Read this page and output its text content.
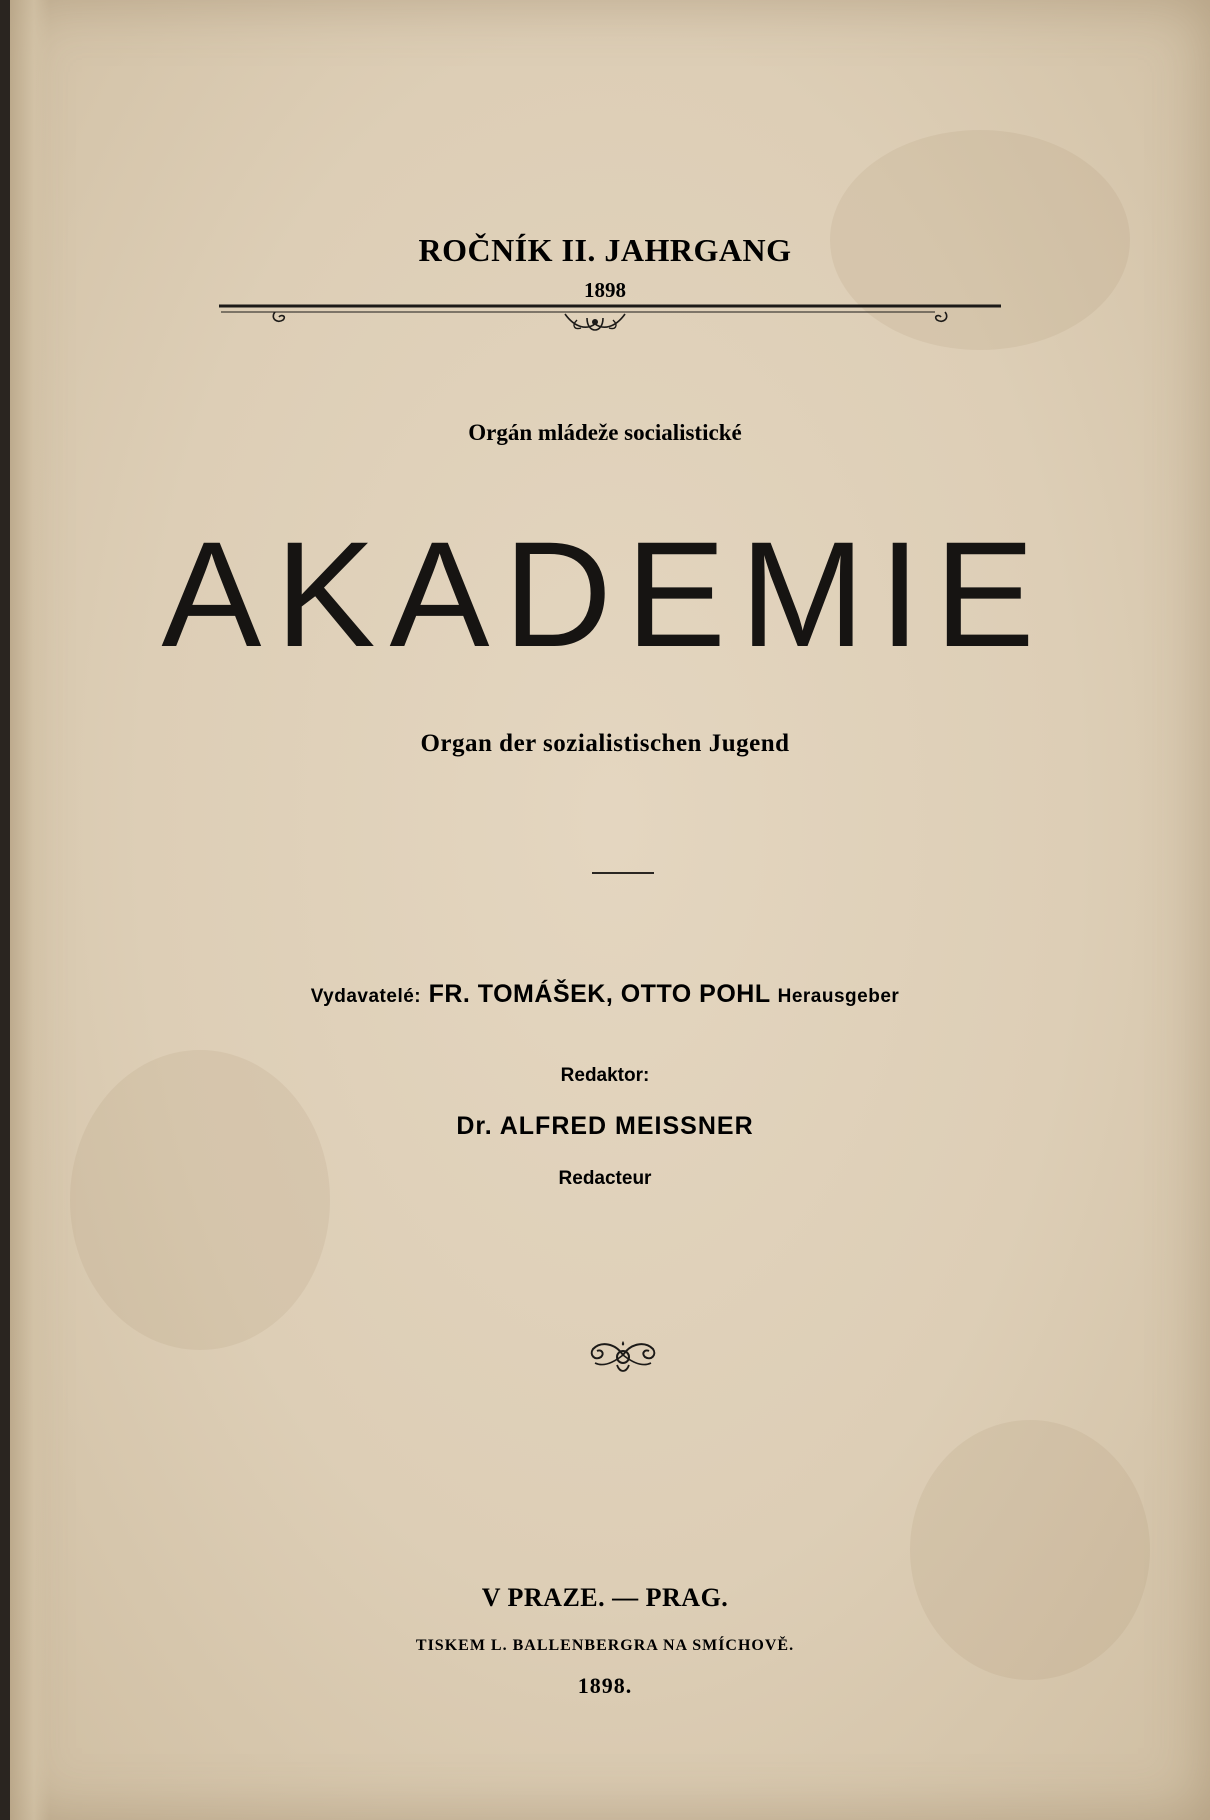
ROČNÍK II. JAHRGANG
1898
Orgán mládeže socialistické
AKADEMIE
Organ der sozialistischen Jugend
Vydavatelé: FR. TOMÁŠEK, OTTO POHL Herausgeber
Redaktor:
Dr. ALFRED MEISSNER
Redacteur
V PRAZE. — PRAG.
TISKEM L. BALLENBERGRA NA SMÍCHOVĚ.
1898.
